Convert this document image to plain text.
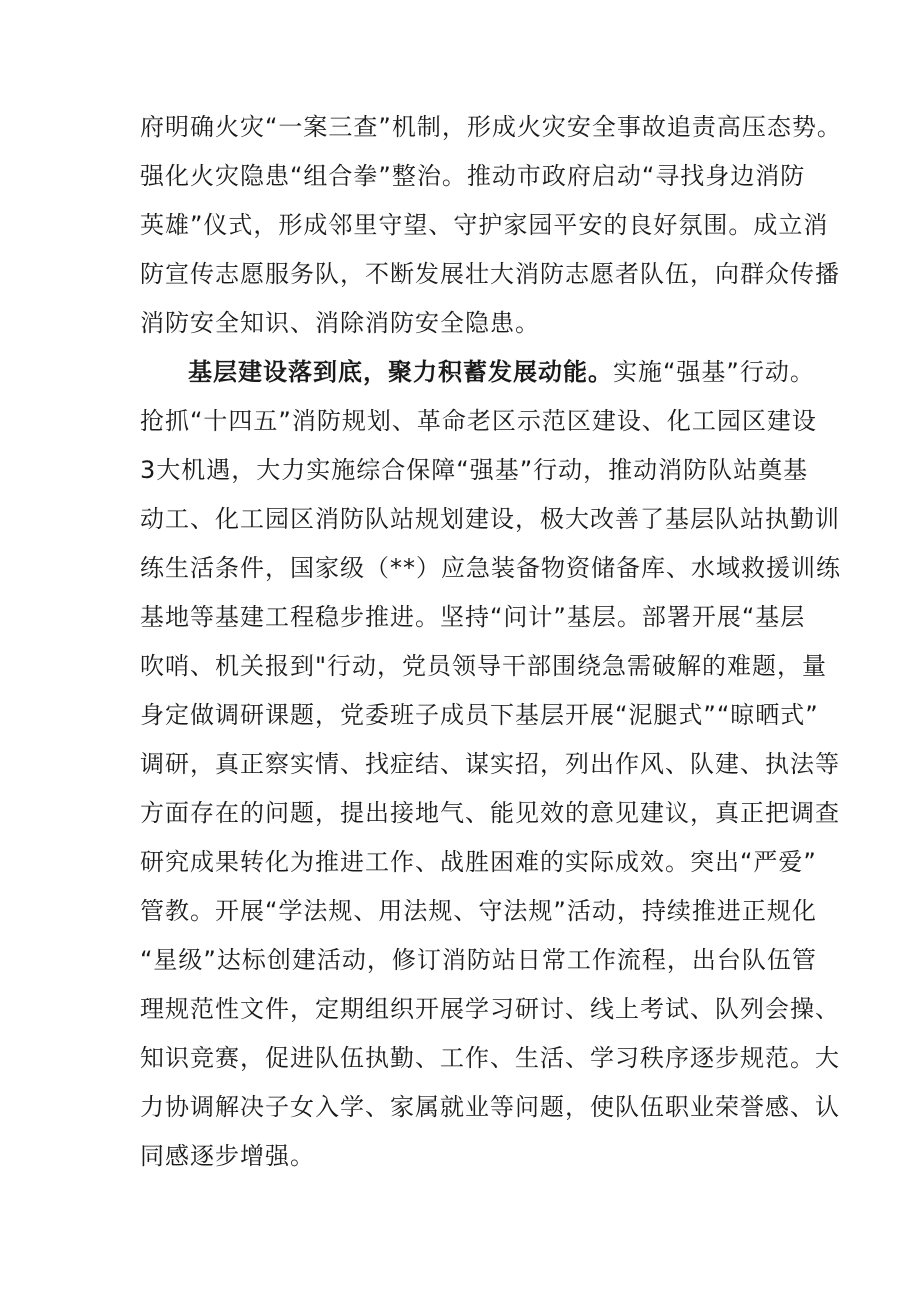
府明确火灾“一案三查”机制，形成火灾安全事故追责高压态势。
强化火灾隐患“组合拳”整治。推动市政府启动“寻找身边消防
英雄”仪式，形成邻里守望、守护家园平安的良好氛围。成立消
防宣传志愿服务队，不断发展壮大消防志愿者队伍，向群众传播
消防安全知识、消除消防安全隐患。
基层建设落到底，聚力积蓄发展动能。实施“强基”行动。
抢抓“十四五”消防规划、革命老区示范区建设、化工园区建设
3大机遇，大力实施综合保障“强基”行动，推动消防队站奠基
动工、化工园区消防队站规划建设，极大改善了基层队站执勤训
练生活条件，国家级（**）应急装备物资储备库、水域救援训练
基地等基建工程稳步推进。坚持“问计”基层。部署开展“基层
吹哨、机关报到"行动，党员领导干部围绕急需破解的难题，量
身定做调研课题，党委班子成员下基层开展“泥腿式”“晾晒式”
调研，真正察实情、找症结、谋实招，列出作风、队建、执法等
方面存在的问题，提出接地气、能见效的意见建议，真正把调查
研究成果转化为推进工作、战胜困难的实际成效。突出“严爱”
管教。开展“学法规、用法规、守法规”活动，持续推进正规化
“星级”达标创建活动，修订消防站日常工作流程，出台队伍管
理规范性文件，定期组织开展学习研讨、线上考试、队列会操、
知识竞赛，促进队伍执勤、工作、生活、学习秩序逐步规范。大
力协调解决子女入学、家属就业等问题，使队伍职业荣誉感、认
同感逐步增强。
